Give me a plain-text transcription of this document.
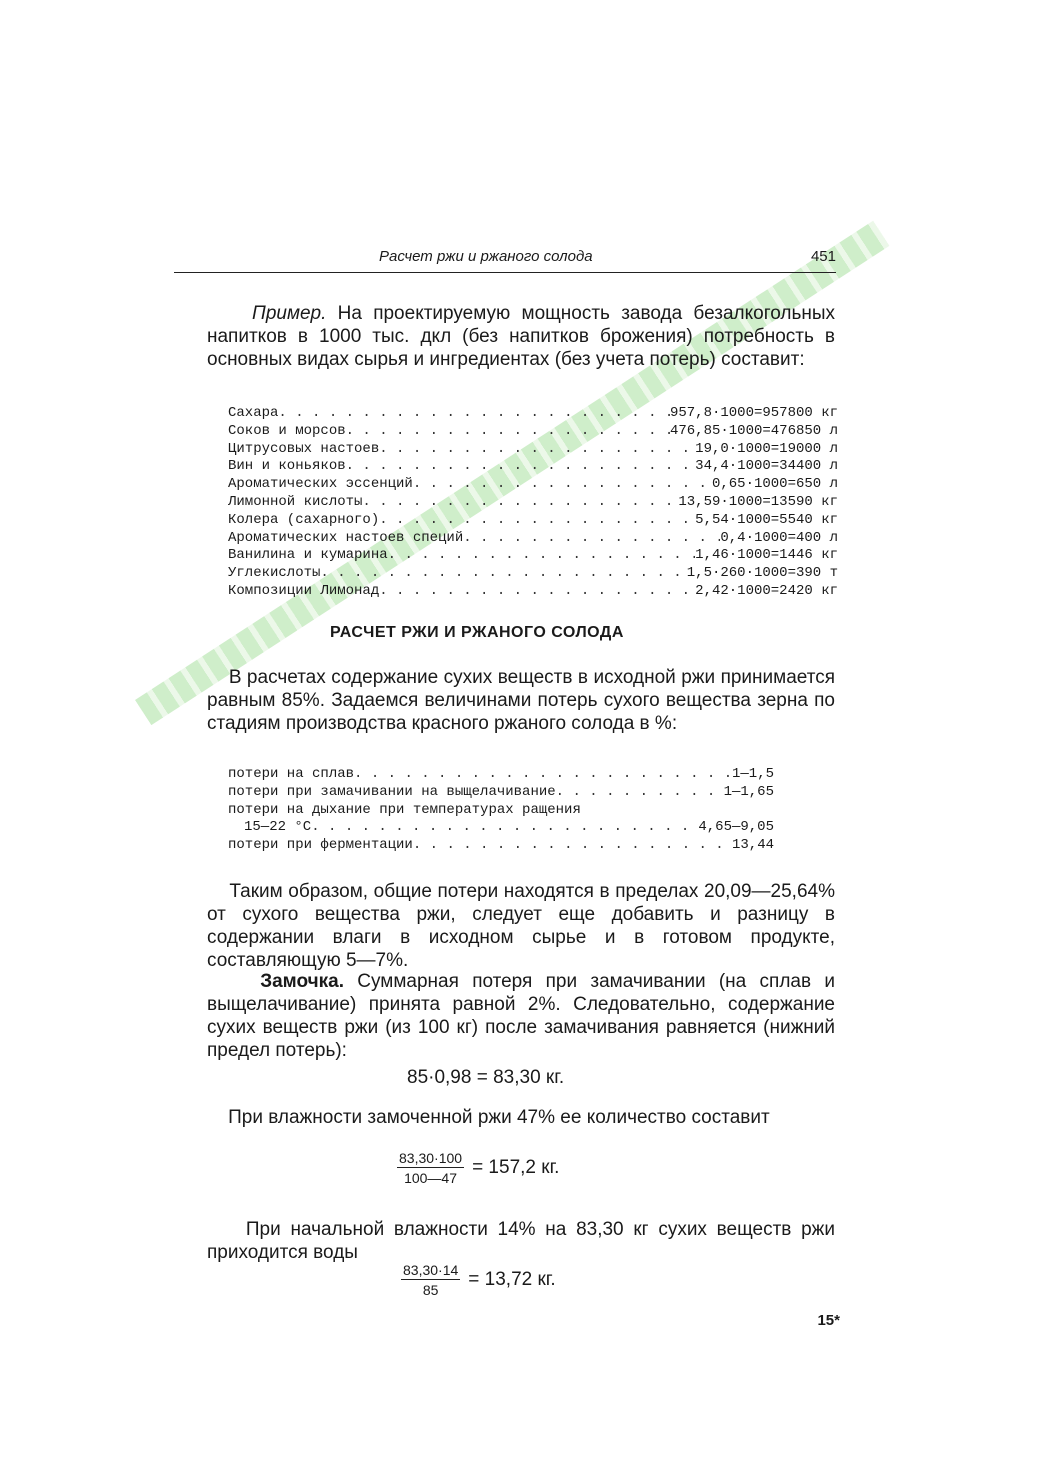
Расчет ржи и ржаного солода	451
Пример. На проектируемую мощность завода безалкогольных напитков в 1000 тыс. дкл (без напитков брожения) потребность в основных видах сырья и ингредиентах (без учета потерь) составит:
Сахара . . .	957,8·1000=957800 кг
Соков и морсов . . .	476,85·1000=476850 л
Цитрусовых настоев . . .	19,0·1000=19000 л
Вин и коньяков . . .	34,4·1000=34400 л
Ароматических эссенций . . .	0,65·1000=650 л
Лимонной кислоты . . .	13,59·1000=13590 кг
Колера (сахарного) . . .	5,54·1000=5540 кг
Ароматических настоев специй . . .	0,4·1000=400 л
Ванилина и кумарина . . .	1,46·1000=1446 кг
Углекислоты . . .	1,5·260·1000=390 т
Композиции Лимонад . . .	2,42·1000=2420 кг
РАСЧЕТ РЖИ И РЖАНОГО СОЛОДА
В расчетах содержание сухих веществ в исходной ржи принимается равным 85%. Задаемся величинами потерь сухого вещества зерна по стадиям производства красного ржаного солода в %:
потери на сплав . . .	1—1,5
потери при замачивании на выщелачивание . . .	1—1,65
потери на дыхание при температурах ращения
15—22 °C . . .	4,65—9,05
потери при ферментации . . .	13,44
Таким образом, общие потери находятся в пределах 20,09—25,64% от сухого вещества ржи, следует еще добавить и разницу в содержании влаги в исходном сырье и в готовом продукте, составляющую 5—7%.
Замочка. Суммарная потеря при замачивании (на сплав и выщелачивание) принята равной 2%. Следовательно, содержание сухих веществ ржи (из 100 кг) после замачивания равняется (нижний предел потерь):
85·0,98 = 83,30 кг.
При влажности замоченной ржи 47% ее количество составит
$\frac{83,30\cdot 100}{100—47} = 157,2$ кг.
При начальной влажности 14% на 83,30 кг сухих веществ ржи приходится воды
$\frac{83,30\cdot 14}{85} = 13,72$ кг.
15*
